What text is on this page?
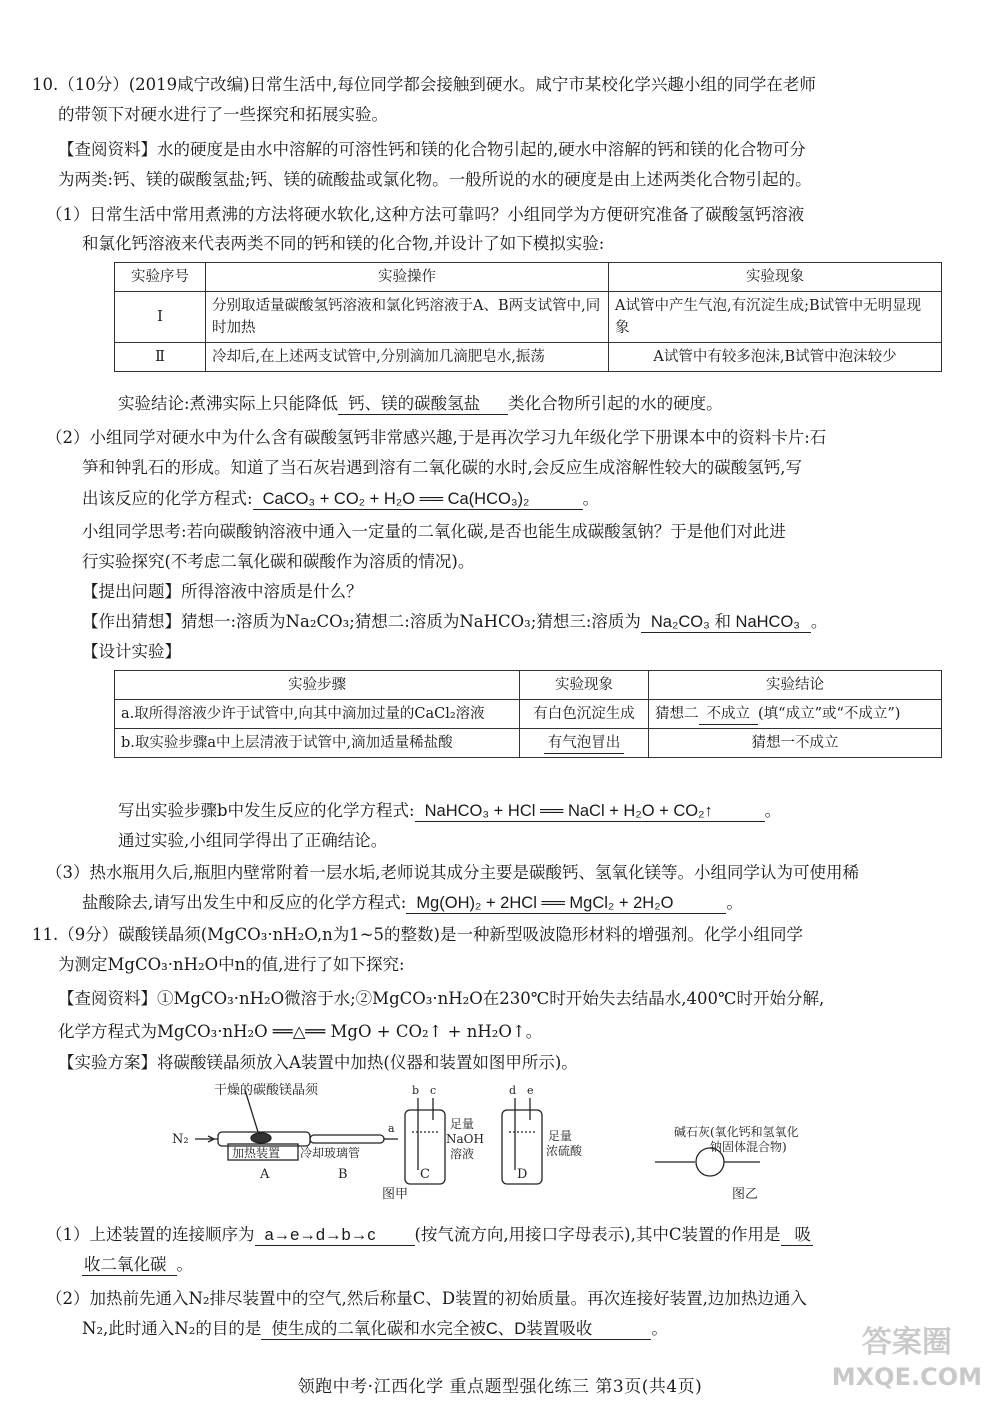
10.（10分）(2019咸宁改编)日常生活中,每位同学都会接触到硬水。咸宁市某校化学兴趣小组的同学在老师
的带领下对硬水进行了一些探究和拓展实验。
【查阅资料】水的硬度是由水中溶解的可溶性钙和镁的化合物引起的,硬水中溶解的钙和镁的化合物可分
为两类:钙、镁的碳酸氢盐;钙、镁的硫酸盐或氯化物。一般所说的水的硬度是由上述两类化合物引起的。
（1）日常生活中常用煮沸的方法将硬水软化,这种方法可靠吗？小组同学为方便研究准备了碳酸氢钙溶液
和氯化钙溶液来代表两类不同的钙和镁的化合物,并设计了如下模拟实验:
实验序号	实验操作	实验现象
Ⅰ	分别取适量碳酸氢钙溶液和氯化钙溶液于A、B两支试管中,同时加热	A试管中产生气泡,有沉淀生成;B试管中无明显现象
Ⅱ	冷却后,在上述两支试管中,分别滴加几滴肥皂水,振荡	A试管中有较多泡沫,B试管中泡沫较少
实验结论:煮沸实际上只能降低 钙、镁的碳酸氢盐 类化合物所引起的水的硬度。
（2）小组同学对硬水中为什么含有碳酸氢钙非常感兴趣,于是再次学习九年级化学下册课本中的资料卡片:石
笋和钟乳石的形成。知道了当石灰岩遇到溶有二氧化碳的水时,会反应生成溶解性较大的碳酸氢钙,写
出该反应的化学方程式: CaCO₃ + CO₂ + H₂O ══ Ca(HCO₃)₂	。
小组同学思考:若向碳酸钠溶液中通入一定量的二氧化碳,是否也能生成碳酸氢钠？于是他们对此进
行实验探究(不考虑二氧化碳和碳酸作为溶质的情况)。
【提出问题】所得溶液中溶质是什么？
【作出猜想】猜想一:溶质为Na₂CO₃;猜想二:溶质为NaHCO₃;猜想三:溶质为 Na₂CO₃ 和 NaHCO₃ 。
【设计实验】
实验步骤	实验现象	实验结论
a.取所得溶液少许于试管中,向其中滴加过量的CaCl₂溶液	有白色沉淀生成	猜想二 不成立 (填“成立”或“不成立”)
b.取实验步骤a中上层清液于试管中,滴加适量稀盐酸	有气泡冒出	猜想一不成立
写出实验步骤b中发生反应的化学方程式: NaHCO₃ + HCl ══ NaCl + H₂O + CO₂↑	。
通过实验,小组同学得出了正确结论。
（3）热水瓶用久后,瓶胆内壁常附着一层水垢,老师说其成分主要是碳酸钙、氢氧化镁等。小组同学认为可使用稀
盐酸除去,请写出发生中和反应的化学方程式: Mg(OH)₂ + 2HCl ══ MgCl₂ + 2H₂O	。
11.（9分）碳酸镁晶须(MgCO₃·nH₂O,n为1~5的整数)是一种新型吸波隐形材料的增强剂。化学小组同学
为测定MgCO₃·nH₂O中n的值,进行了如下探究:
【查阅资料】①MgCO₃·nH₂O微溶于水;②MgCO₃·nH₂O在230℃时开始失去结晶水,400℃时开始分解,
化学方程式为MgCO₃·nH₂O ══△══ MgO + CO₂↑ + nH₂O↑。
【实验方案】将碳酸镁晶须放入A装置中加热(仪器和装置如图甲所示)。
干燥的碳酸镁晶须
N₂
加热装置 冷却玻璃管
A	B	C	D
a
b c	d e
足量
NaOH
溶液
足量
浓硫酸
图甲	图乙
碱石灰(氧化钙和氢氧化
钠固体混合物)
（1）上述装置的连接顺序为 a→e→d→b→c (按气流方向,用接口字母表示),其中C装置的作用是 吸
收二氧化碳 。
（2）加热前先通入N₂排尽装置中的空气,然后称量C、D装置的初始质量。再次连接好装置,边加热边通入
N₂,此时通入N₂的目的是 使生成的二氧化碳和水完全被C、D装置吸收	。
领跑中考·江西化学 重点题型强化练三 第3页(共4页)
答案圈
MXQE.COM
